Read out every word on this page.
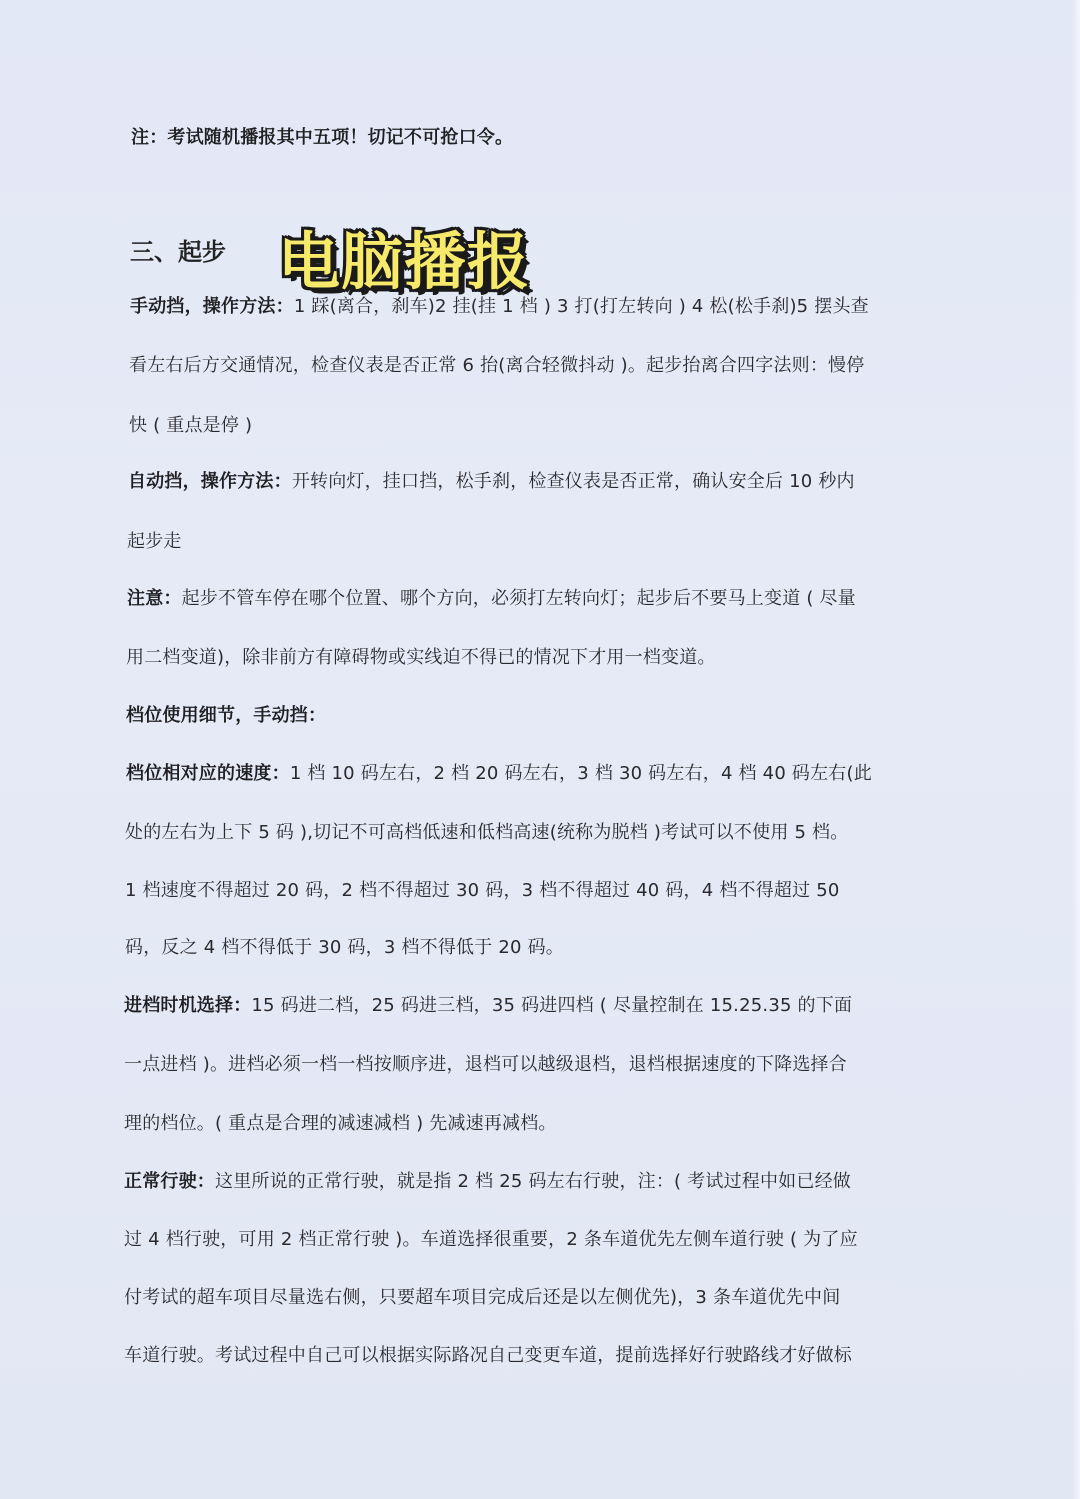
注：考试随机播报其中五项！切记不可抢口令。
三、起步 电脑播报
手动挡，操作方法：1 踩(离合，刹车)2 挂(挂 1 档 ) 3 打(打左转向 ) 4 松(松手刹)5 摆头查
看左右后方交通情况，检查仪表是否正常 6 抬(离合轻微抖动 )。起步抬离合四字法则：慢停
快 ( 重点是停 )
自动挡，操作方法：开转向灯，挂口挡，松手刹，检查仪表是否正常，确认安全后 10 秒内
起步走
注意：起步不管车停在哪个位置、哪个方向，必须打左转向灯；起步后不要马上变道 ( 尽量
用二档变道)，除非前方有障碍物或实线迫不得已的情况下才用一档变道。
档位使用细节，手动挡：
档位相对应的速度：1 档 10 码左右，2 档 20 码左右，3 档 30 码左右，4 档 40 码左右(此
处的左右为上下 5 码 ),切记不可高档低速和低档高速(统称为脱档 )考试可以不使用 5 档。
1 档速度不得超过 20 码，2 档不得超过 30 码，3 档不得超过 40 码，4 档不得超过 50
码，反之 4 档不得低于 30 码，3 档不得低于 20 码。
进档时机选择：15 码进二档，25 码进三档，35 码进四档 ( 尽量控制在 15.25.35 的下面
一点进档 )。进档必须一档一档按顺序进，退档可以越级退档，退档根据速度的下降选择合
理的档位。( 重点是合理的减速减档 ) 先减速再减档。
正常行驶：这里所说的正常行驶，就是指 2 档 25 码左右行驶，注：( 考试过程中如已经做
过 4 档行驶，可用 2 档正常行驶 )。车道选择很重要，2 条车道优先左侧车道行驶 ( 为了应
付考试的超车项目尽量选右侧，只要超车项目完成后还是以左侧优先)，3 条车道优先中间
车道行驶。考试过程中自己可以根据实际路况自己变更车道，提前选择好行驶路线才好做标
